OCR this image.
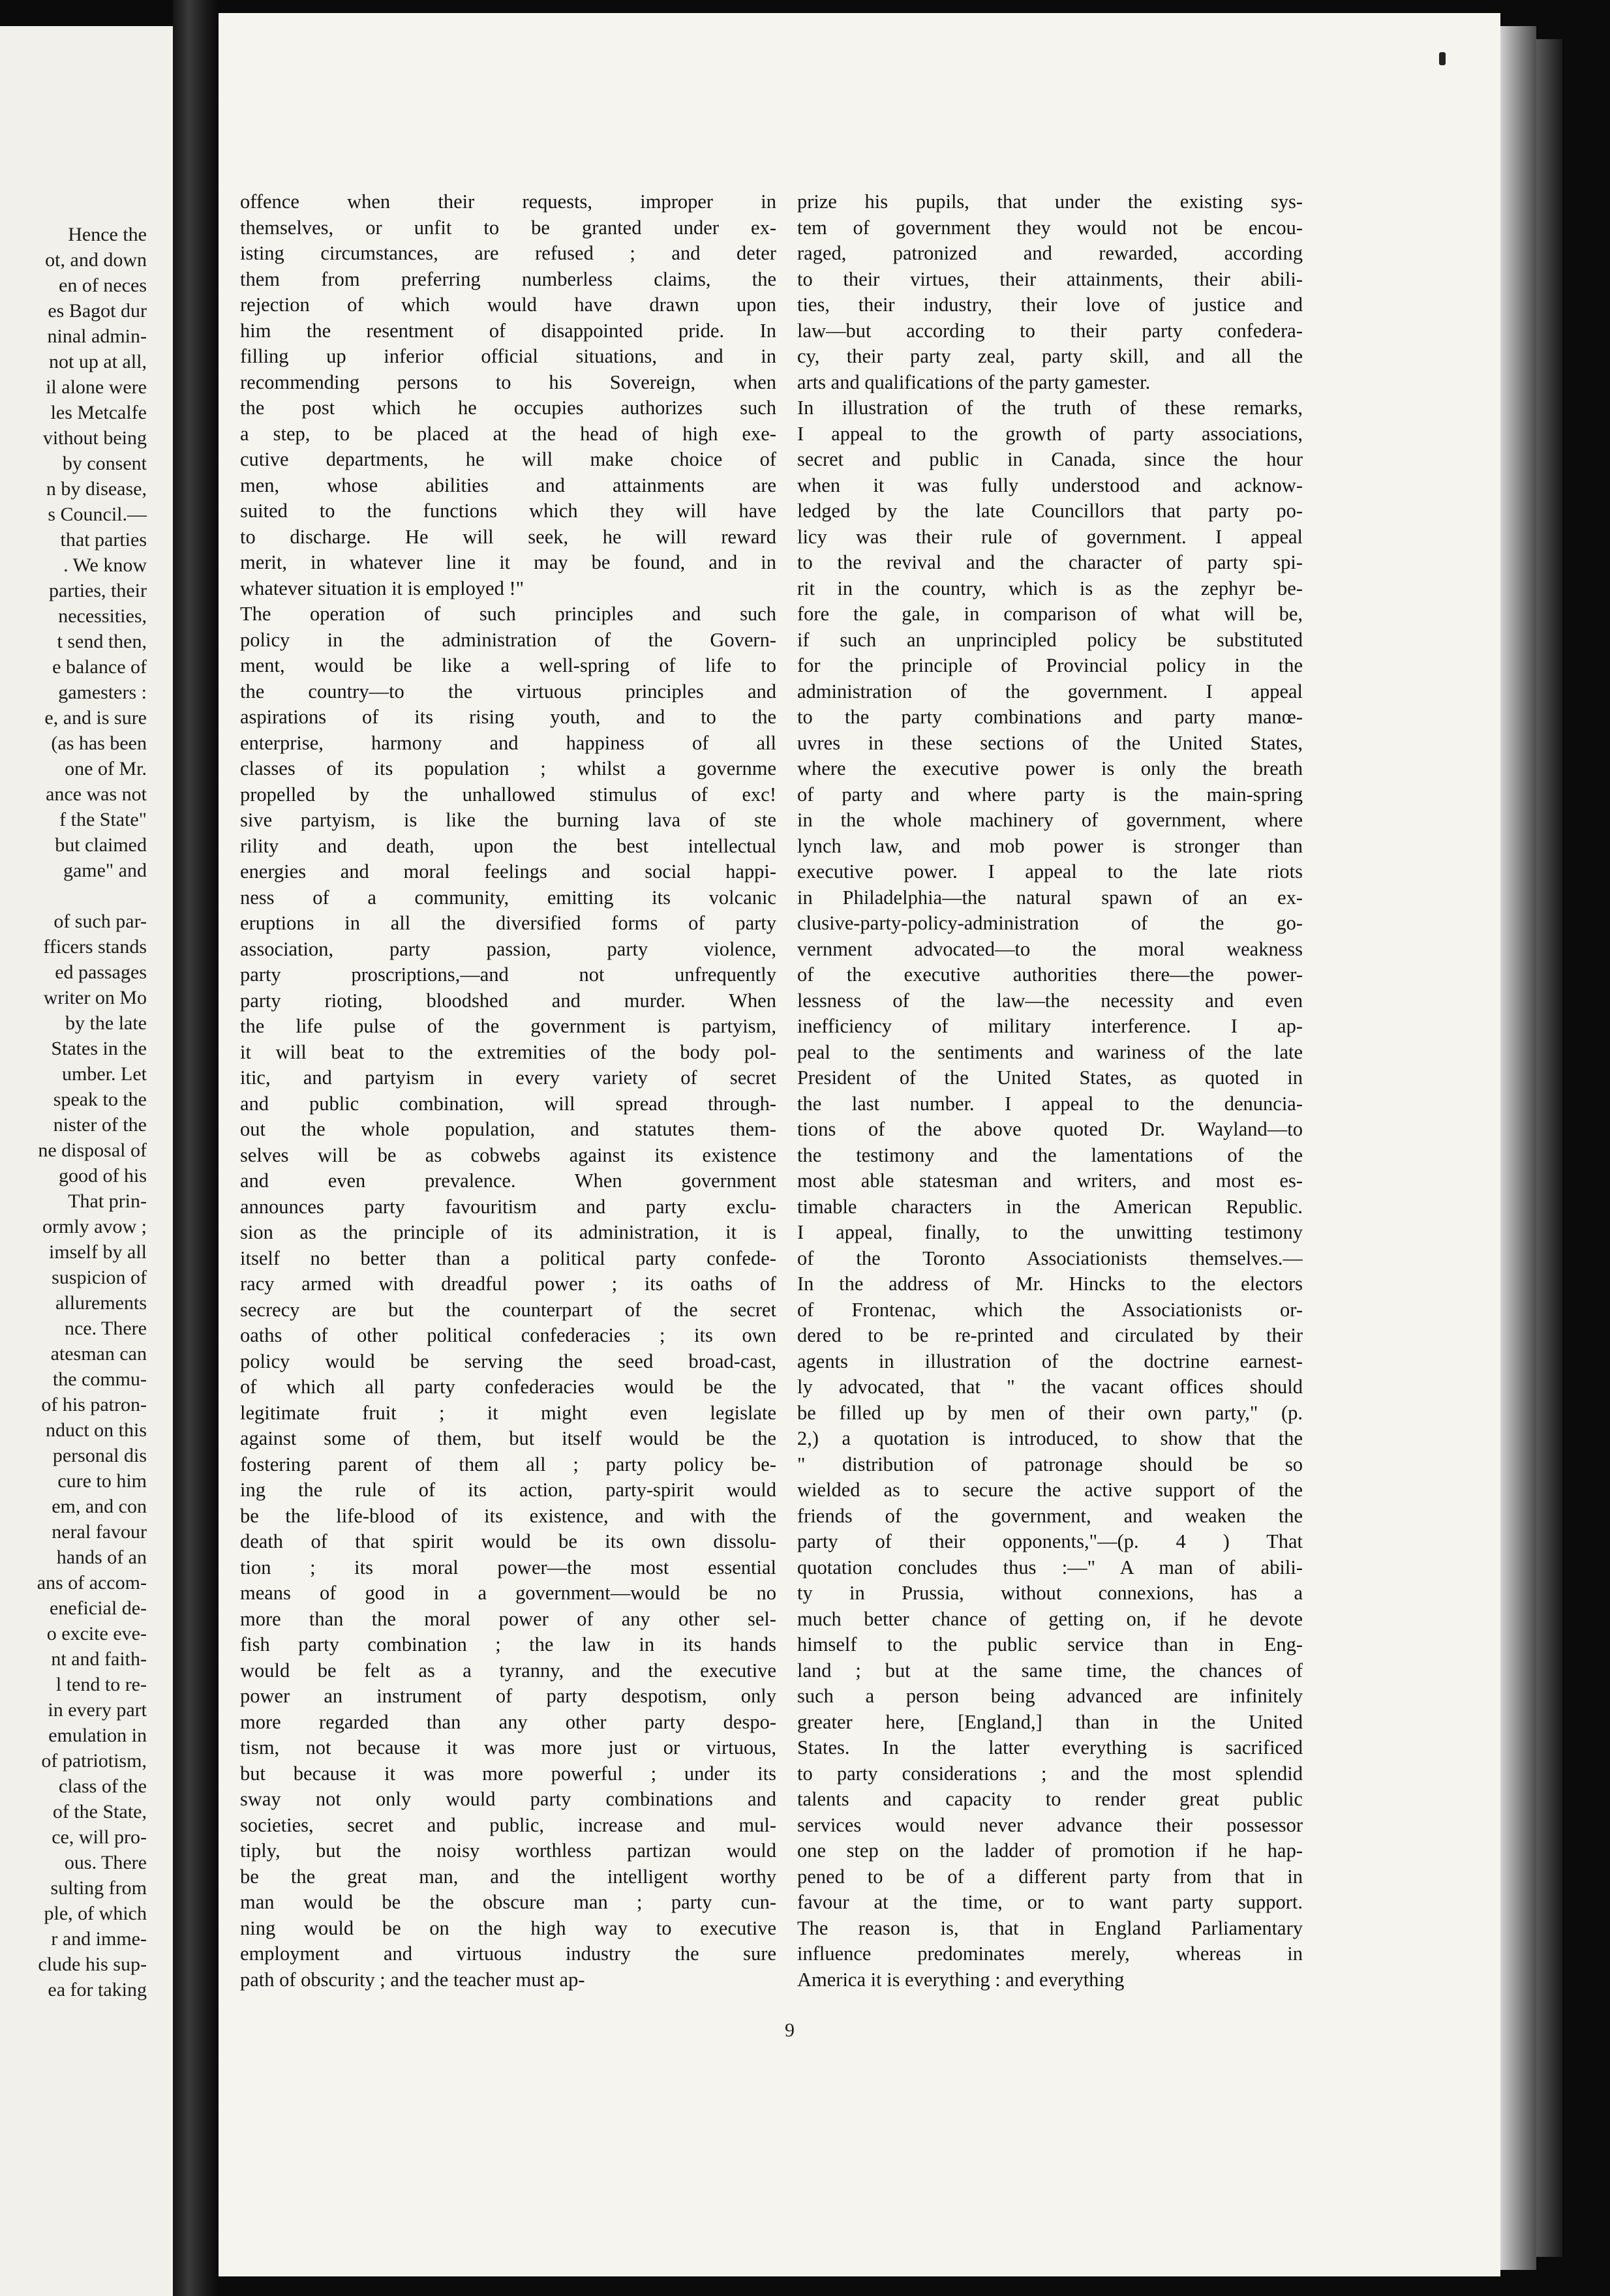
Hence the
ot, and down
en of neces
es Bagot dur
ninal admin-
not up at all,
il alone were
les Metcalfe
vithout being
by consent
n by disease,
s Council.—
that parties
. We know
parties, their
necessities,
t send then,
e balance of
gamesters :
e, and is sure
(as has been
one of Mr.
ance was not
f the State"
but claimed
game" and
of such par-
fficers stands
ed passages
writer on Mo
by the late
States in the
umber. Let
speak to the
nister of the
ne disposal of
good of his
That prin-
ormly avow ;
imself by all
suspicion of
allurements
nce. There
atesman can
the commu-
of his patron-
nduct on this
personal dis
cure to him
em, and con
neral favour
hands of an
ans of accom-
eneficial de-
o excite eve-
nt and faith-
l tend to re-
in every part
emulation in
of patriotism,
class of the
of the State,
ce, will pro-
ous. There
sulting from
ple, of which
r and imme-
clude his sup-
ea for taking
offence when their requests, improper in
themselves, or unfit to be granted under ex-
isting circumstances, are refused ; and deter
them from preferring numberless claims, the
rejection of which would have drawn upon
him the resentment of disappointed pride. In
filling up inferior official situations, and in
recommending persons to his Sovereign, when
the post which he occupies authorizes such
a step, to be placed at the head of high exe-
cutive departments, he will make choice of
men, whose abilities and attainments are
suited to the functions which they will have
to discharge. He will seek, he will reward
merit, in whatever line it may be found, and in
whatever situation it is employed !"
The operation of such principles and such
policy in the administration of the Govern-
ment, would be like a well-spring of life to
the country—to the virtuous principles and
aspirations of its rising youth, and to the
enterprise, harmony and happiness of all
classes of its population ; whilst a governme
propelled by the unhallowed stimulus of exc!
sive partyism, is like the burning lava of ste
rility and death, upon the best intellectual
energies and moral feelings and social happi-
ness of a community, emitting its volcanic
eruptions in all the diversified forms of party
association, party passion, party violence,
party proscriptions,—and not unfrequently
party rioting, bloodshed and murder. When
the life pulse of the government is partyism,
it will beat to the extremities of the body pol-
itic, and partyism in every variety of secret
and public combination, will spread through-
out the whole population, and statutes them-
selves will be as cobwebs against its existence
and even prevalence. When government
announces party favouritism and party exclu-
sion as the principle of its administration, it is
itself no better than a political party confede-
racy armed with dreadful power ; its oaths of
secrecy are but the counterpart of the secret
oaths of other political confederacies ; its own
policy would be serving the seed broad-cast,
of which all party confederacies would be the
legitimate fruit ; it might even legislate
against some of them, but itself would be the
fostering parent of them all ; party policy be-
ing the rule of its action, party-spirit would
be the life-blood of its existence, and with the
death of that spirit would be its own dissolu-
tion ; its moral power—the most essential
means of good in a government—would be no
more than the moral power of any other sel-
fish party combination ; the law in its hands
would be felt as a tyranny, and the executive
power an instrument of party despotism, only
more regarded than any other party despo-
tism, not because it was more just or virtuous,
but because it was more powerful ; under its
sway not only would party combinations and
societies, secret and public, increase and mul-
tiply, but the noisy worthless partizan would
be the great man, and the intelligent worthy
man would be the obscure man ; party cun-
ning would be on the high way to executive
employment and virtuous industry the sure
path of obscurity ; and the teacher must ap-
prize his pupils, that under the existing sys-
tem of government they would not be encou-
raged, patronized and rewarded, according
to their virtues, their attainments, their abili-
ties, their industry, their love of justice and
law—but according to their party confedera-
cy, their party zeal, party skill, and all the
arts and qualifications of the party gamester.
In illustration of the truth of these remarks,
I appeal to the growth of party associations,
secret and public in Canada, since the hour
when it was fully understood and acknow-
ledged by the late Councillors that party po-
licy was their rule of government. I appeal
to the revival and the character of party spi-
rit in the country, which is as the zephyr be-
fore the gale, in comparison of what will be,
if such an unprincipled policy be substituted
for the principle of Provincial policy in the
administration of the government. I appeal
to the party combinations and party manœ-
uvres in these sections of the United States,
where the executive power is only the breath
of party and where party is the main-spring
in the whole machinery of government, where
lynch law, and mob power is stronger than
executive power. I appeal to the late riots
in Philadelphia—the natural spawn of an ex-
clusive-party-policy-administration of the go-
vernment advocated—to the moral weakness
of the executive authorities there—the power-
lessness of the law—the necessity and even
inefficiency of military interference. I ap-
peal to the sentiments and wariness of the late
President of the United States, as quoted in
the last number. I appeal to the denuncia-
tions of the above quoted Dr. Wayland—to
the testimony and the lamentations of the
most able statesman and writers, and most es-
timable characters in the American Republic.
I appeal, finally, to the unwitting testimony
of the Toronto Associationists themselves.—
In the address of Mr. Hincks to the electors
of Frontenac, which the Associationists or-
dered to be re-printed and circulated by their
agents in illustration of the doctrine earnest-
ly advocated, that " the vacant offices should
be filled up by men of their own party," (p.
2,) a quotation is introduced, to show that the
" distribution of patronage should be so
wielded as to secure the active support of the
friends of the government, and weaken the
party of their opponents,"—(p. 4 ) That
quotation concludes thus :—" A man of abili-
ty in Prussia, without connexions, has a
much better chance of getting on, if he devote
himself to the public service than in Eng-
land ; but at the same time, the chances of
such a person being advanced are infinitely
greater here, [England,] than in the United
States. In the latter everything is sacrificed
to party considerations ; and the most splendid
talents and capacity to render great public
services would never advance their possessor
one step on the ladder of promotion if he hap-
pened to be of a different party from that in
favour at the time, or to want party support.
The reason is, that in England Parliamentary
influence predominates merely, whereas in
America it is everything : and everything
9
